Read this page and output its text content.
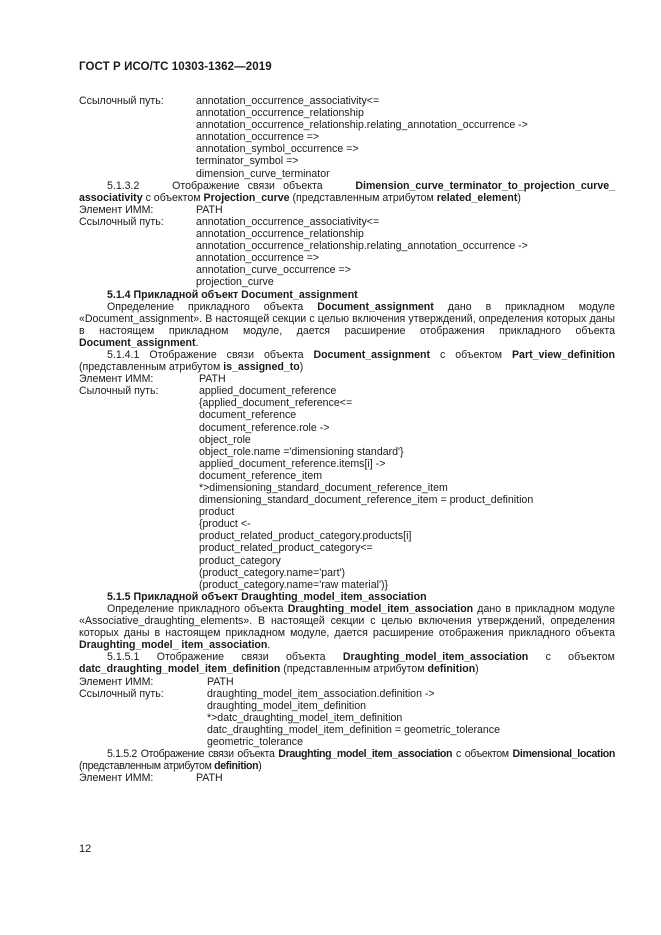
ГОСТ Р ИСО/ТС 10303-1362—2019
Ссылочный путь:	annotation_occurrence_associativity<=
annotation_occurrence_relationship
annotation_occurrence_relationship.relating_annotation_occurrence ->
annotation_occurrence =>
annotation_symbol_occurrence =>
terminator_symbol =>
dimension_curve_terminator

5.1.3.2	Отображение связи объекта	Dimension_curve_terminator_to_projection_curve_

associativity с объектом Projection_curve (представленным атрибутом related_element)

Элемент ИММ:	PATH
Ссылочный путь:	annotation_occurrence_associativity<=
annotation_occurrence_relationship
annotation_occurrence_relationship.relating_annotation_occurrence ->
annotation_occurrence =>
annotation_curve_occurrence =>
projection_curve

5.1.4 Прикладной объект Document_assignment

Определение прикладного объекта Document_assignment дано в прикладном модуле «Document_assignment». В настоящей секции с целью включения утверждений, определения которых даны в настоящем прикладном модуле, дается расширение отображения прикладного объекта Document_assignment.

5.1.4.1 Отображение связи объекта Document_assignment с объектом Part_view_definition (представленным атрибутом is_assigned_to)

Элемент ИММ:	PATH
Сылочный путь:	applied_document_reference
{applied_document_reference<=
document_reference
document_reference.role ->
object_role
object_role.name ='dimensioning standard'}
applied_document_reference.items[i] ->
document_reference_item
*>dimensioning_standard_document_reference_item
dimensioning_standard_document_reference_item = product_definition
product
{product <-
product_related_product_category.products[i]
product_related_product_category<=
product_category
(product_category.name='part')
(product_category.name='raw material')}

5.1.5 Прикладной объект Draughting_model_item_association

Определение прикладного объекта Draughting_model_item_association дано в прикладном модуле «Associative_draughting_elements». В настоящей секции с целью включения утверждений, определения которых даны в настоящем прикладном модуле, дается расширение отображения прикладного объекта Draughting_model_ item_association.

5.1.5.1 Отображение связи объекта Draughting_model_item_association с объектом datc_draughting_model_item_definition (представленным атрибутом definition)

Элемент ИММ:	PATH
Ссылочный путь:	draughting_model_item_association.definition ->
draughting_model_item_definition
*>datc_draughting_model_item_definition
datc_draughting_model_item_definition = geometric_tolerance
geometric_tolerance

5.1.5.2 Отображение связи объекта Draughting_model_item_association с объектом Dimensional_location (представленным атрибутом definition)

Элемент ИММ:	PATH
12
